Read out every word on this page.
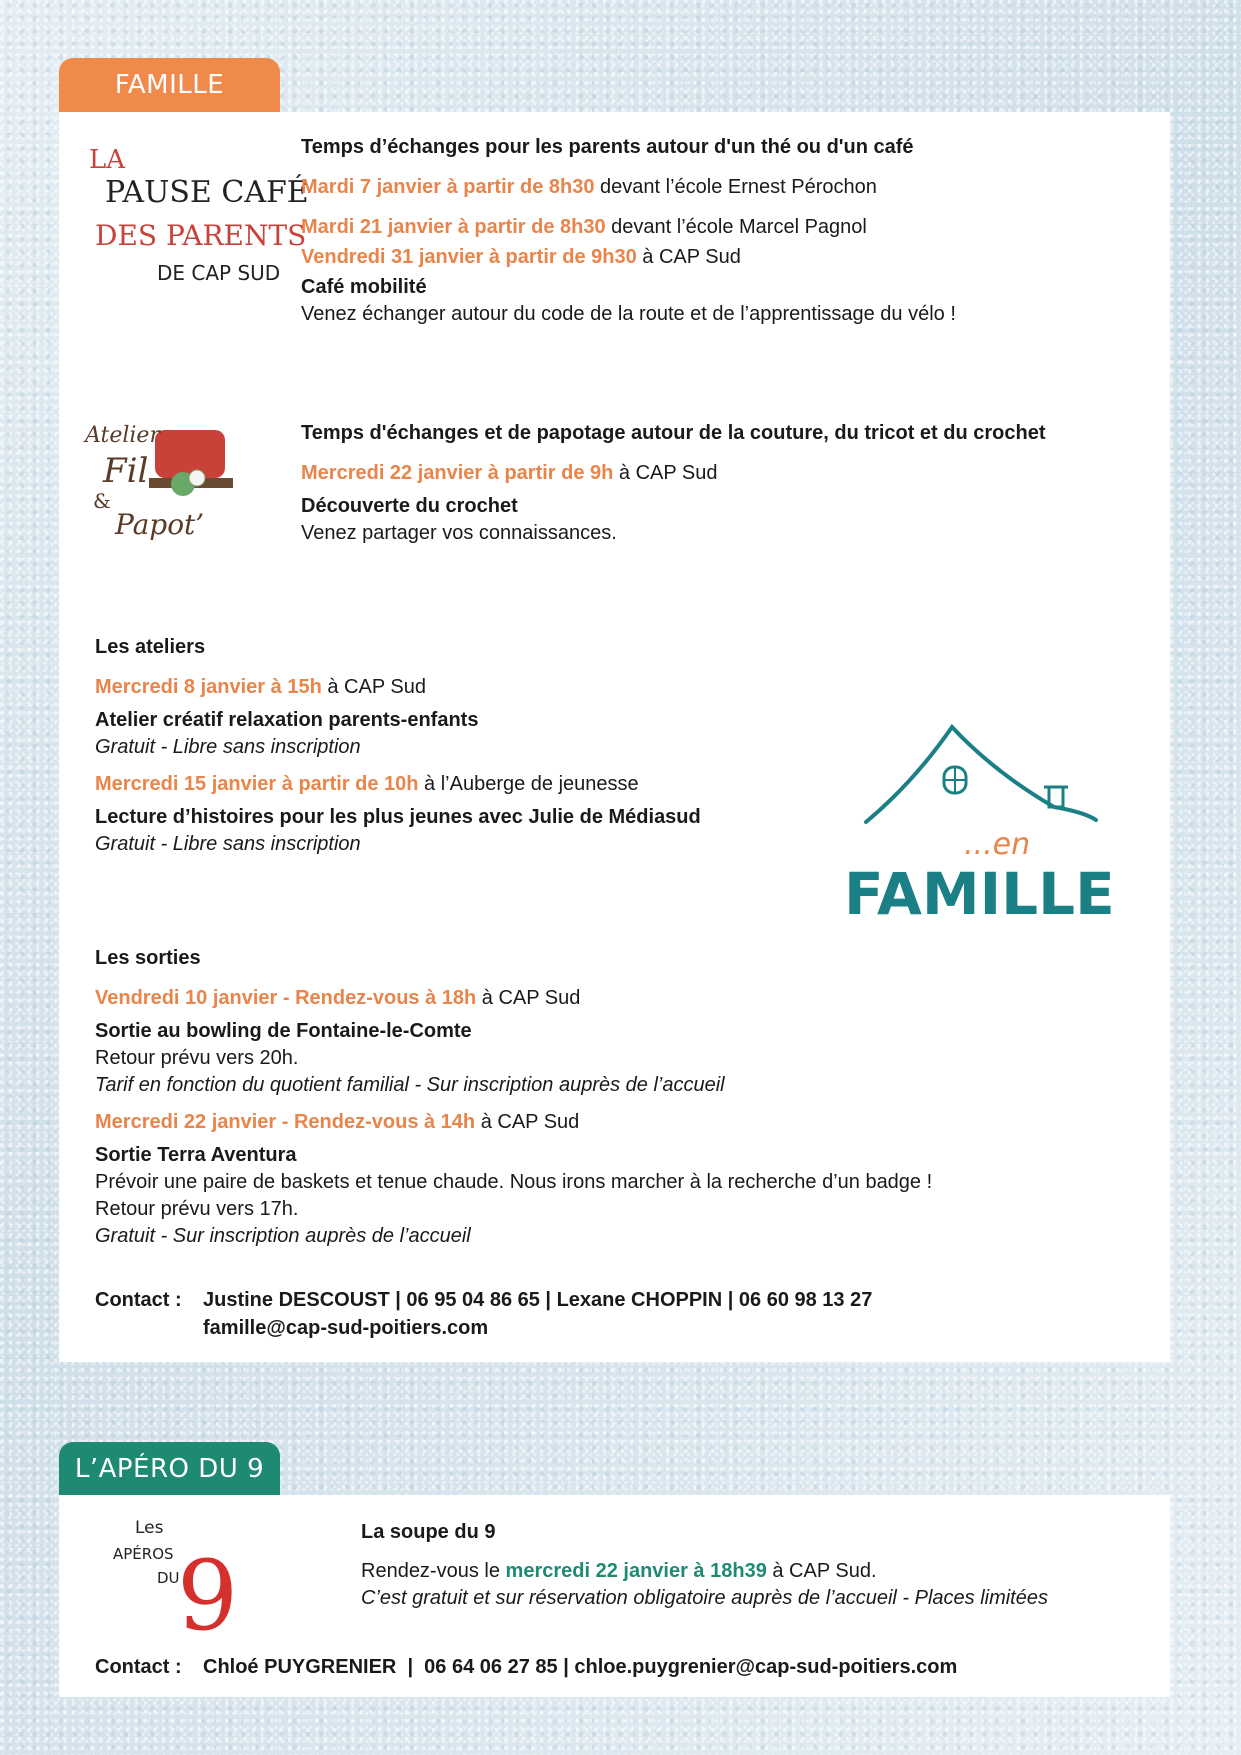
FAMILLE
LA
PAUSE CAFÉ
DES PARENTS
DE CAP SUD
Temps d’échanges pour les parents autour d'un thé ou d'un café
Mardi 7 janvier à partir de 8h30 devant l’école Ernest Pérochon
Mardi 21 janvier à partir de 8h30 devant l’école Marcel Pagnol
Vendredi 31 janvier à partir de 9h30 à CAP Sud
Café mobilité
Venez échanger autour du code de la route et de l’apprentissage du vélo !
Atelier
Fil
&
Papot’
Temps d'échanges et de papotage autour de la couture, du tricot et du crochet
Mercredi 22 janvier à partir de 9h à CAP Sud
Découverte du crochet
Venez partager vos connaissances.
Les ateliers
Mercredi 8 janvier à 15h à CAP Sud
Atelier créatif relaxation parents-enfants
Gratuit - Libre sans inscription
Mercredi 15 janvier à partir de 10h à l’Auberge de jeunesse
Lecture d’histoires pour les plus jeunes avec Julie de Médiasud
Gratuit - Libre sans inscription	...en
FAMILLE
Les sorties
Vendredi 10 janvier - Rendez-vous à 18h à CAP Sud
Sortie au bowling de Fontaine-le-Comte
Retour prévu vers 20h.
Tarif en fonction du quotient familial - Sur inscription auprès de l’accueil
Mercredi 22 janvier - Rendez-vous à 14h à CAP Sud
Sortie Terra Aventura
Prévoir une paire de baskets et tenue chaude. Nous irons marcher à la recherche d’un badge !
Retour prévu vers 17h.
Gratuit - Sur inscription auprès de l’accueil
Contact :	Justine DESCOUST | 06 95 04 86 65 | Lexane CHOPPIN | 06 60 98 13 27
famille@cap-sud-poitiers.com
L’APÉRO DU 9
Les
APÉROS
DU
9
La soupe du 9
Rendez-vous le mercredi 22 janvier à 18h39 à CAP Sud.
C’est gratuit et sur réservation obligatoire auprès de l’accueil - Places limitées
Contact :	Chloé PUYGRENIER  |  06 64 06 27 85 | chloe.puygrenier@cap-sud-poitiers.com
